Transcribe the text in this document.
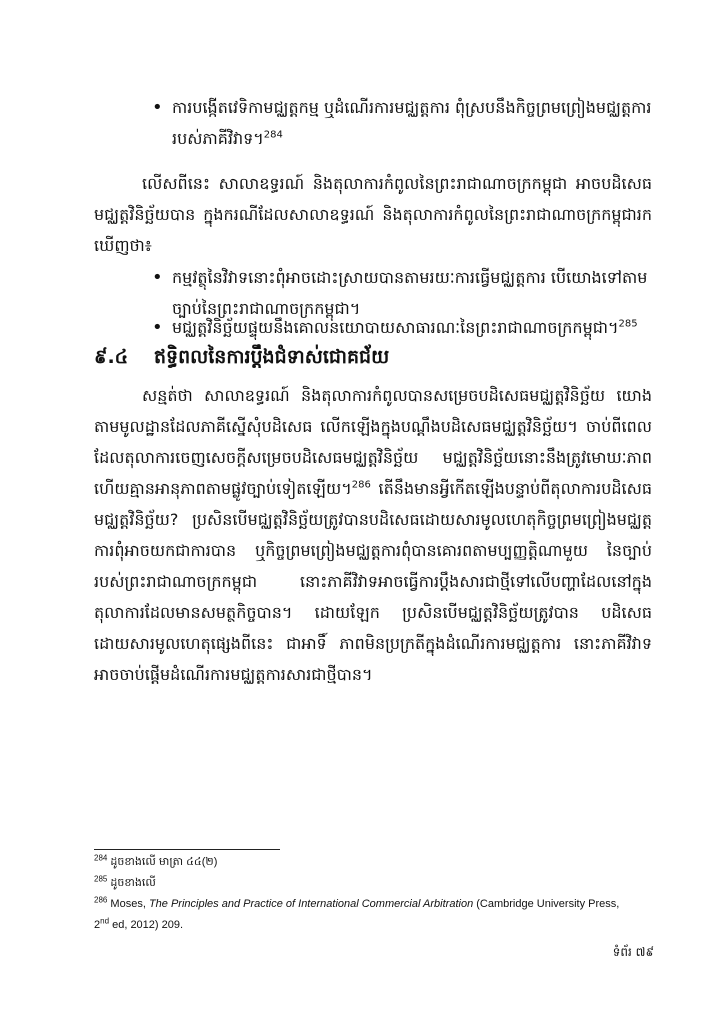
• ការបង្កើតវេទិកាមជ្ឈត្តកម្ម ឬដំណើរការមជ្ឈត្តការ ពុំស្របនឹងកិច្ចព្រមព្រៀងមជ្ឈត្តការរបស់ភាគីវិវាទ។$^{284}$
លើសពីនេះ សាលាឧទ្ធរណ៍ និងតុលាការកំពូលនៃព្រះរាជាណាចក្រកម្ពុជា អាចបដិសេធមជ្ឈត្តវិនិច្ឆ័យបាន ក្នុងករណីដែលសាលាឧទ្ធរណ៍ និងតុលាការកំពូលនៃព្រះរាជាណាចក្រកម្ពុជារកឃើញថា៖
• កម្មវត្ថុនៃវិវាទនោះពុំអាចដោះស្រាយបានតាមរយៈការធ្វើមជ្ឈត្តការ បើយោងទៅតាមច្បាប់នៃព្រះរាជាណាចក្រកម្ពុជា។
• មជ្ឈត្តវិនិច្ឆ័យផ្ទុយនឹងគោលនយោបាយសាធារណៈនៃព្រះរាជាណាចក្រកម្ពុជា។$^{285}$
៩.៤ ឥទ្ធិពលនៃការប្តឹងជំទាស់ជោគជ័យ
សន្មត់ថា សាលាឧទ្ធរណ៍ និងតុលាការកំពូលបានសម្រេចបដិសេធមជ្ឈត្តវិនិច្ឆ័យ យោងតាមមូលដ្ឋានដែលភាគីស្នើសុំបដិសេធ លើកឡើងក្នុងបណ្តឹងបដិសេធមជ្ឈត្តវិនិច្ឆ័យ។ ចាប់ពីពេលដែលតុលាការចេញសេចក្តីសម្រេចបដិសេធមជ្ឈត្តវិនិច្ឆ័យ មជ្ឈត្តវិនិច្ឆ័យនោះនឹងត្រូវមោឃៈភាព ហើយគ្មានអានុភាពតាមផ្លូវច្បាប់ទៀតឡើយ។$^{286}$ តើនឹងមានអ្វីកើតឡើងបន្ទាប់ពីតុលាការបដិសេធមជ្ឈត្តវិនិច្ឆ័យ? ប្រសិនបើមជ្ឈត្តវិនិច្ឆ័យត្រូវបានបដិសេធដោយសារមូលហេតុកិច្ចព្រមព្រៀងមជ្ឈត្តការពុំអាចយកជាការបាន ឬកិច្ចព្រមព្រៀងមជ្ឈត្តការពុំបានគោរពតាមប្បញ្ញត្តិណាមួយ នៃច្បាប់របស់ព្រះរាជាណាចក្រកម្ពុជា នោះភាគីវិវាទអាចធ្វើការប្តឹងសារជាថ្មីទៅលើបញ្ហាដែលនៅក្នុងតុលាការដែលមានសមត្ថកិច្ចបាន។ ដោយឡែក ប្រសិនបើមជ្ឈត្តវិនិច្ឆ័យត្រូវបាន បដិសេធដោយសារមូលហេតុផ្សេងពីនេះ ជាអាទិ៍ ភាពមិនប្រក្រតីក្នុងដំណើរការមជ្ឈត្តការ នោះភាគីវិវាទអាចចាប់ផ្តើមដំណើរការមជ្ឈត្តការសារជាថ្មីបាន។

$^{284}$ ដូចខាងលើ មាត្រា ៤៤(២)

$^{285}$ ដូចខាងលើ

$^{286}$ Moses, The Principles and Practice of International Commercial Arbitration (Cambridge University Press,
2nd ed, 2012) 209.

ទំព័រ ៧៩
